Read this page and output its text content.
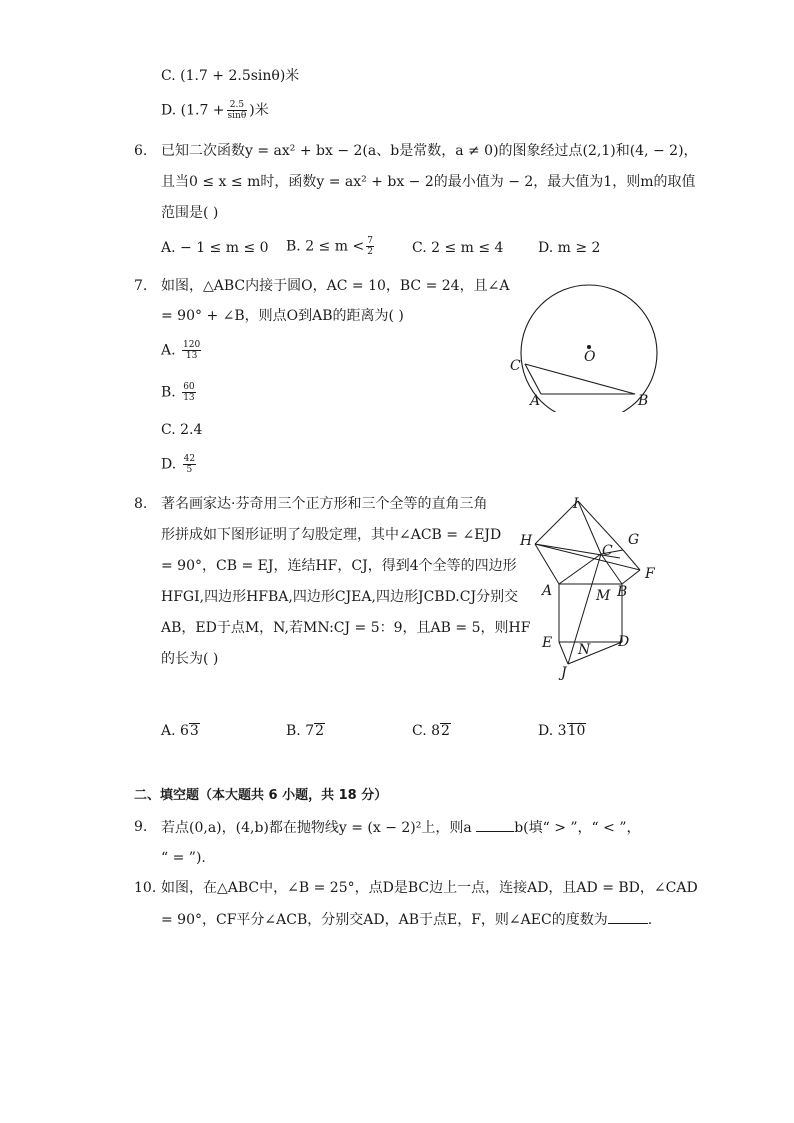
C. (1.7 + 2.5sinθ)米
D. ($1.7 + \frac{2.5}{\sin\theta}$ )米
6. 已知二次函数y = ax² + bx − 2(a、b是常数，a ≠ 0)的图象经过点(2,1)和(4, − 2)，
且当0 ≤ x ≤ m时，函数y = ax² + bx − 2的最小值为 − 2，最大值为1，则m的取值
范围是( )
A. − 1 ≤ m ≤ 0 B. $2 \le m < \frac{7}{2}$	C. 2 ≤ m ≤ 4 D. m ≥ 2
7. 如图，△ABC内接于圆O，AC = 10，BC = 24，且∠A
= 90° + ∠B，则点O到AB的距离为( )
A. $\frac{120}{13}$
B. $\frac{60}{13}$
C. 2.4
D. $\frac{42}{5}$
C
O
A	B
8. 著名画家达·芬奇用三个正方形和三个全等的直角三角
形拼成如下图形证明了勾股定理，其中∠ACB = ∠EJD
= 90°，CB = EJ，连结HF，CJ，得到4个全等的四边形
HFGI,四边形HFBA,四边形CJEA,四边形JCBD.CJ分别交
AB，ED于点M，N,若MN:CJ = 5：9，且AB = 5，则HF
的长为( )
I
H
C
G
F
A	M B
E N D
J
A. 63	B. 72	C. 82	D. 310
二、填空题（本大题共 6 小题，共 18 分）
9. 若点(0,a)，(4,b)都在抛物线y = (x − 2)²上，则a	b(填“ > ”，“ < ”，
“ = ”).
10. 如图，在△ABC中，∠B = 25°，点D是BC边上一点，连接AD，且AD = BD，∠CAD
= 90°，CF平分∠ACB，分别交AD，AB于点E，F，则∠AEC的度数为	.
